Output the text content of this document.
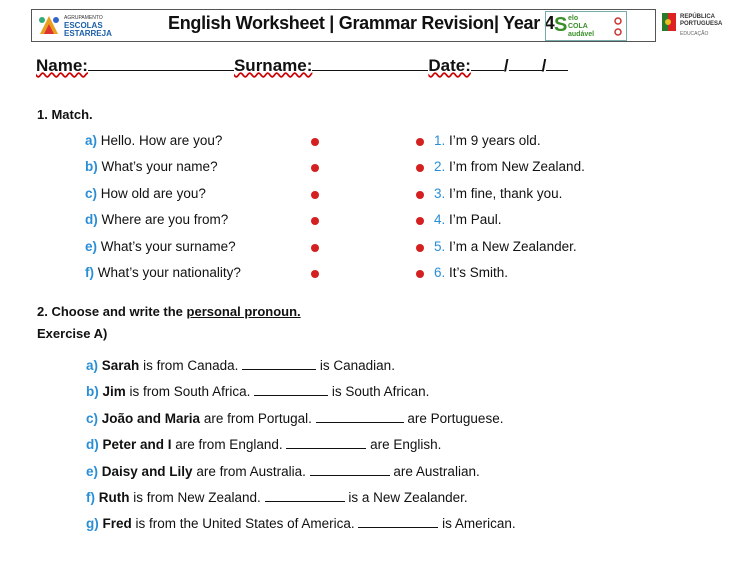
AGRUPAMENTO
ESCOLAS
ESTARREJA
English Worksheet | Grammar Revision| Year 4 S elo
COLA
audável
REPÚBLICA
PORTUGUESA
EDUCAÇÃO
Name:	Surname:	Date: / /
1. Match.
a) Hello. How are you?	1. I’m 9 years old.
b) What’s your name?	2. I’m from New Zealand.
c) How old are you?	3. I’m fine, thank you.
d) Where are you from?	4. I’m Paul.
e) What’s your surname?	5. I’m a New Zealander.
f) What’s your nationality?	6. It’s Smith.
2. Choose and write the personal pronoun.
Exercise A)
a) Sarah is from Canada.	is Canadian.
b) Jim is from South Africa.	is South African.
c) João and Maria are from Portugal.	are Portuguese.
d) Peter and I are from England.	are English.
e) Daisy and Lily are from Australia.	are Australian.
f) Ruth is from New Zealand.	is a New Zealander.
g) Fred is from the United States of America.	is American.
